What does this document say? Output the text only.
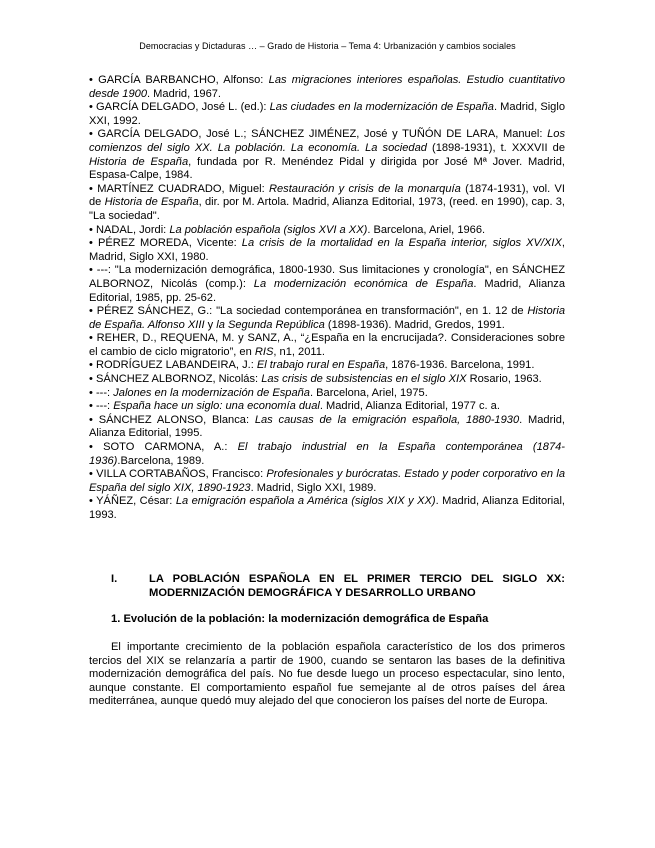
Democracias y Dictaduras … – Grado de Historia – Tema 4: Urbanización y cambios sociales

• GARCÍA BARBANCHO, Alfonso: Las migraciones interiores españolas. Estudio cuantitativo desde 1900. Madrid, 1967.

• GARCÍA DELGADO, José L. (ed.): Las ciudades en la modernización de España. Madrid, Siglo XXI, 1992.

• GARCÍA DELGADO, José L.; SÁNCHEZ JIMÉNEZ, José y TUÑÓN DE LARA, Manuel: Los comienzos del siglo XX. La población. La economía. La sociedad (1898-1931), t. XXXVII de Historia de España, fundada por R. Menéndez Pidal y dirigida por José Mª Jover. Madrid, Espasa-Calpe, 1984.

• MARTÍNEZ CUADRADO, Miguel: Restauración y crisis de la monarquía (1874-1931), vol. VI de Historia de España, dir. por M. Artola. Madrid, Alianza Editorial, 1973, (reed. en 1990), cap. 3, "La sociedad".

• NADAL, Jordi: La población española (siglos XVI a XX). Barcelona, Ariel, 1966.

• PÉREZ MOREDA, Vicente: La crisis de la mortalidad en la España interior, siglos XV/XIX, Madrid, Siglo XXI, 1980.

• ---: "La modernización demográfica, 1800-1930. Sus limitaciones y cronología", en SÁNCHEZ ALBORNOZ, Nicolás (comp.): La modernización económica de España. Madrid, Alianza Editorial, 1985, pp. 25-62.

• PÉREZ SÁNCHEZ, G.: "La sociedad contemporánea en transformación", en 1. 12 de Historia de España. Alfonso XIII y la Segunda República (1898-1936). Madrid, Gredos, 1991.

• REHER, D., REQUENA, M. y SANZ, A., “¿España en la encrucijada?. Consideraciones sobre el cambio de ciclo migratorio”, en RIS, n1, 2011.

• RODRÍGUEZ LABANDEIRA, J.: El trabajo rural en España, 1876-1936. Barcelona, 1991.

• SÁNCHEZ ALBORNOZ, Nicolás: Las crisis de subsistencias en el siglo XIX Rosario, 1963.

• ---: Jalones en la modernización de España. Barcelona, Ariel, 1975.

• ---: España hace un siglo: una economía dual. Madrid, Alianza Editorial, 1977 c. a.

• SÁNCHEZ ALONSO, Blanca: Las causas de la emigración española, 1880-1930. Madrid, Alianza Editorial, 1995.

• SOTO CARMONA, A.: El trabajo industrial en la España contemporánea (1874-1936).Barcelona, 1989.

• VILLA CORTABAÑOS, Francisco: Profesionales y burócratas. Estado y poder corporativo en la España del siglo XIX, 1890-1923. Madrid, Siglo XXI, 1989.

• YÁÑEZ, César: La emigración española a América (siglos XIX y XX). Madrid, Alianza Editorial, 1993.

I.	LA POBLACIÓN ESPAÑOLA EN EL PRIMER TERCIO DEL SIGLO XX: MODERNIZACIÓN DEMOGRÁFICA Y DESARROLLO URBANO
1. Evolución de la población: la modernización demográfica de España

El importante crecimiento de la población española característico de los dos primeros tercios del XIX se relanzaría a partir de 1900, cuando se sentaron las bases de la definitiva modernización demográfica del país. No fue desde luego un proceso espectacular, sino lento, aunque constante. El comportamiento español fue semejante al de otros países del área mediterránea, aunque quedó muy alejado del que conocieron los países del norte de Europa.
